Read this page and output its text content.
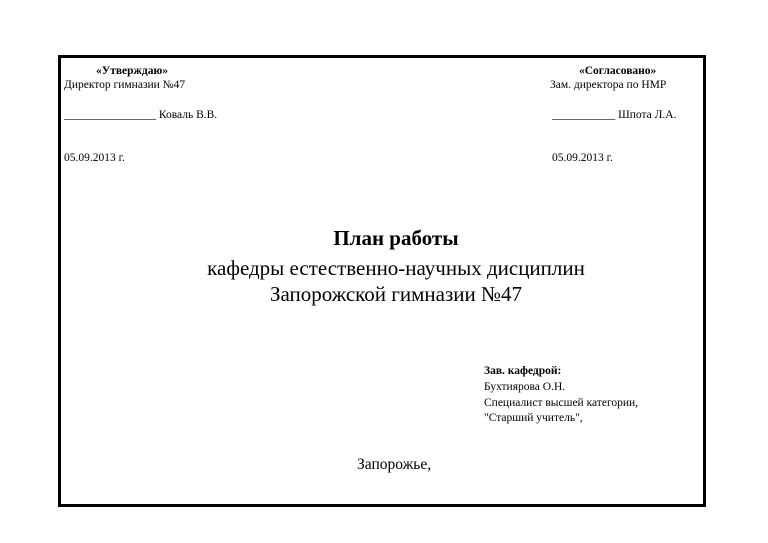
«Утверждаю»
Директор гимназии №47
________________ Коваль В.В.
05.09.2013 г.
«Согласовано»
Зам. директора по НМР
___________ Шпота Л.А.
05.09.2013 г.
План работы
кафедры естественно-научных дисциплин
Запорожской гимназии №47
Зав. кафедрой:
Бухтиярова О.Н.
Специалист высшей категории,
"Старший учитель",
Запорожье,
